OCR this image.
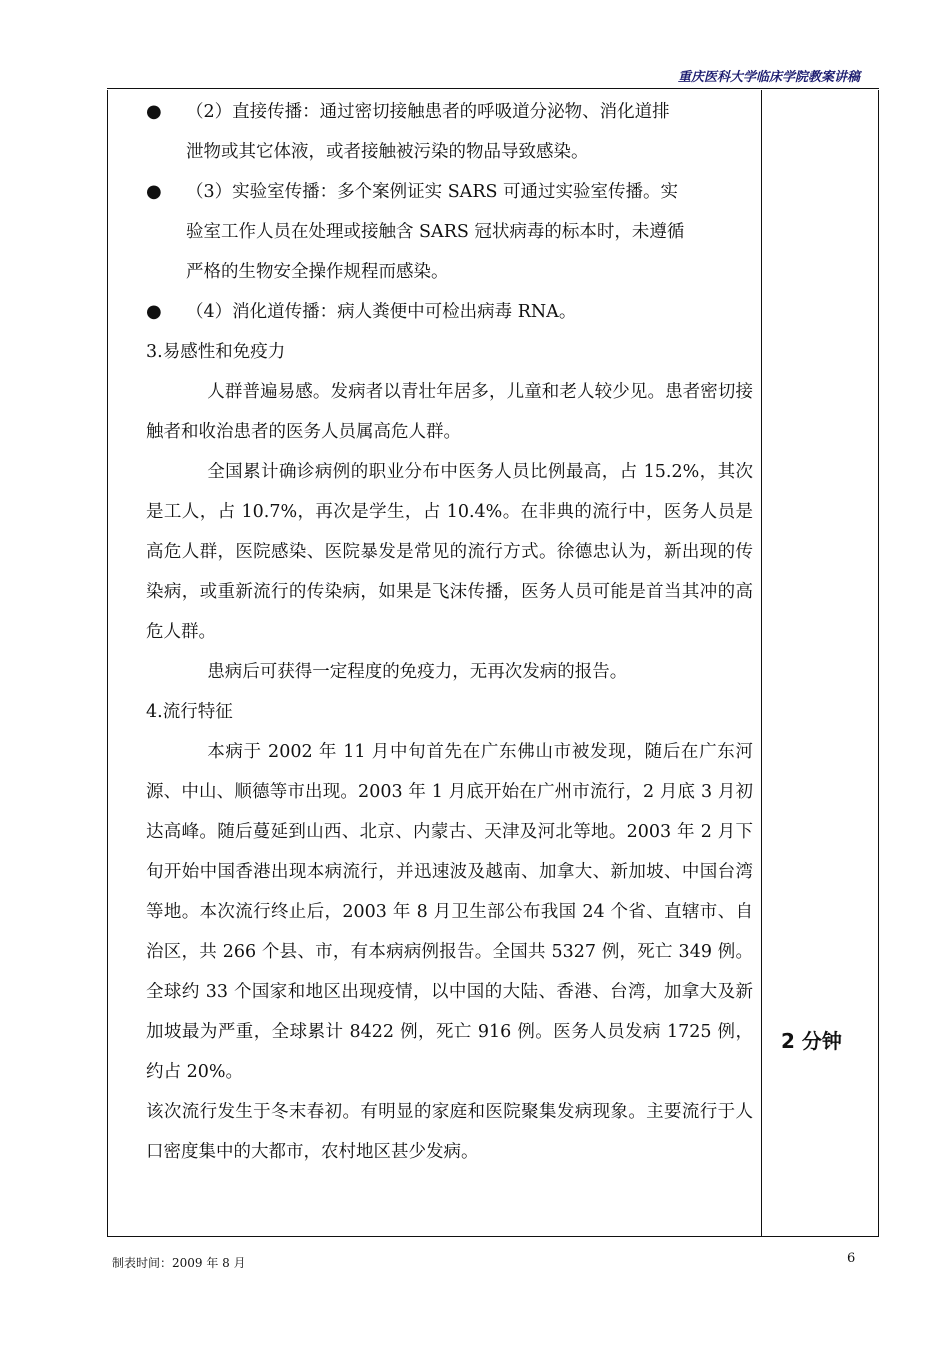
重庆医科大学临床学院教案讲稿

● （2）直接传播：通过密切接触患者的呼吸道分泌物、消化道排
泄物或其它体液，或者接触被污染的物品导致感染。

● （3）实验室传播：多个案例证实 SARS 可通过实验室传播。实
验室工作人员在处理或接触含 SARS 冠状病毒的标本时，未遵循
严格的生物安全操作规程而感染。

● （4）消化道传播：病人粪便中可检出病毒 RNA。

3.易感性和免疫力

人群普遍易感。发病者以青壮年居多，儿童和老人较少见。患者密切接触者和收治患者的医务人员属高危人群。

全国累计确诊病例的职业分布中医务人员比例最高，占 15.2%，其次是工人，占 10.7%，再次是学生，占 10.4%。在非典的流行中，医务人员是高危人群，医院感染、医院暴发是常见的流行方式。徐德忠认为，新出现的传染病，或重新流行的传染病，如果是飞沫传播，医务人员可能是首当其冲的高危人群。

患病后可获得一定程度的免疫力，无再次发病的报告。

4.流行特征

本病于 2002 年 11 月中旬首先在广东佛山市被发现，随后在广东河源、中山、顺德等市出现。2003 年 1 月底开始在广州市流行，2 月底 3 月初达高峰。随后蔓延到山西、北京、内蒙古、天津及河北等地。2003 年 2 月下旬开始中国香港出现本病流行，并迅速波及越南、加拿大、新加坡、中国台湾等地。本次流行终止后，2003 年 8 月卫生部公布我国 24 个省、直辖市、自治区，共 266 个县、市，有本病病例报告。全国共 5327 例，死亡 349 例。全球约 33 个国家和地区出现疫情，以中国的大陆、香港、台湾，加拿大及新加坡最为严重，全球累计 8422 例，死亡 916 例。医务人员发病 1725 例，约占 20%。

该次流行发生于冬末春初。有明显的家庭和医院聚集发病现象。主要流行于人口密度集中的大都市，农村地区甚少发病。

2 分钟
制表时间：2009 年 8 月	6
